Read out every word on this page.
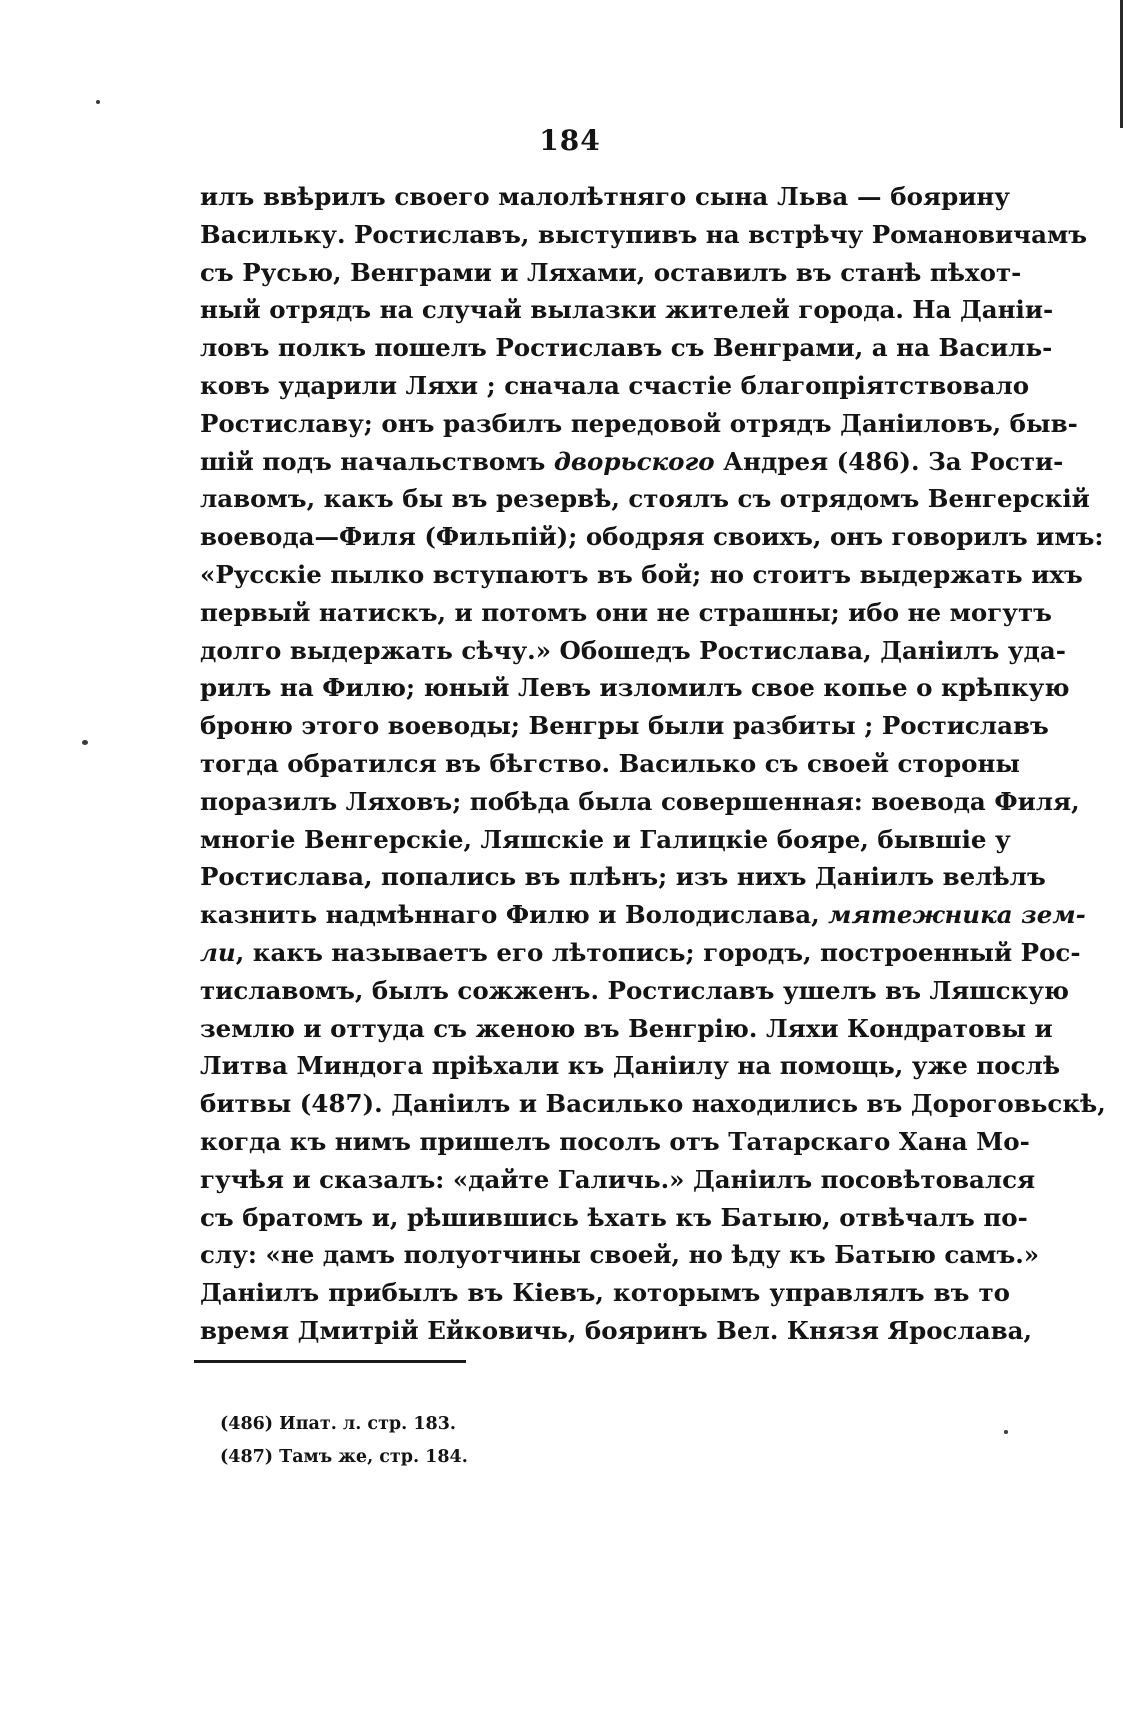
184
илъ ввѣрилъ своего малолѣтняго сына Льва — боярину
Васильку. Ростиславъ, выступивъ на встрѣчу Романовичамъ
съ Русью, Венграми и Ляхами, оставилъ въ станѣ пѣхот-
ный отрядъ на случай вылазки жителей города. На Даніи-
ловъ полкъ пошелъ Ростиславъ съ Венграми, а на Василь-
ковъ ударили Ляхи ; сначала счастіе благопріятствовало
Ростиславу; онъ разбилъ передовой отрядъ Даніиловъ, быв-
шій подъ начальствомъ дворьского Андрея (486). За Рости-
лавомъ, какъ бы въ резервѣ, стоялъ съ отрядомъ Венгерскій
воевода—Филя (Фильпій); ободряя своихъ, онъ говорилъ имъ:
«Русскіе пылко вступаютъ въ бой; но стоитъ выдержать ихъ
первый натискъ, и потомъ они не страшны; ибо не могутъ
долго выдержать сѣчу.» Обошедъ Ростислава, Даніилъ уда-
рилъ на Филю; юный Левъ изломилъ свое копье о крѣпкую
броню этого воеводы; Венгры были разбиты ; Ростиславъ
тогда обратился въ бѣгство. Василько съ своей стороны
поразилъ Ляховъ; побѣда была совершенная: воевода Филя,
многіе Венгерскіе, Ляшскіе и Галицкіе бояре, бывшіе у
Ростислава, попались въ плѣнъ; изъ нихъ Даніилъ велѣлъ
казнить надмѣннаго Филю и Володислава, мятежника зем-
ли, какъ называетъ его лѣтопись; городъ, построенный Рос-
тиславомъ, былъ сожженъ. Ростиславъ ушелъ въ Ляшскую
землю и оттуда съ женою въ Венгрію. Ляхи Кондратовы и
Литва Миндога пріѣхали къ Даніилу на помощь, уже послѣ
битвы (487). Даніилъ и Василько находились въ Дороговьскѣ,
когда къ нимъ пришелъ посолъ отъ Татарскаго Хана Мо-
гучѣя и сказалъ: «дайте Галичь.» Даніилъ посовѣтовался
съ братомъ и, рѣшившись ѣхать къ Батыю, отвѣчалъ по-
слу: «не дамъ полуотчины своей, но ѣду къ Батыю самъ.»
Даніилъ прибылъ въ Кіевъ, которымъ управлялъ въ то
время Дмитрій Ейковичь, бояринъ Вел. Князя Ярослава,
(486) Ипат. л. стр. 183.
(487) Тамъ же, стр. 184.
